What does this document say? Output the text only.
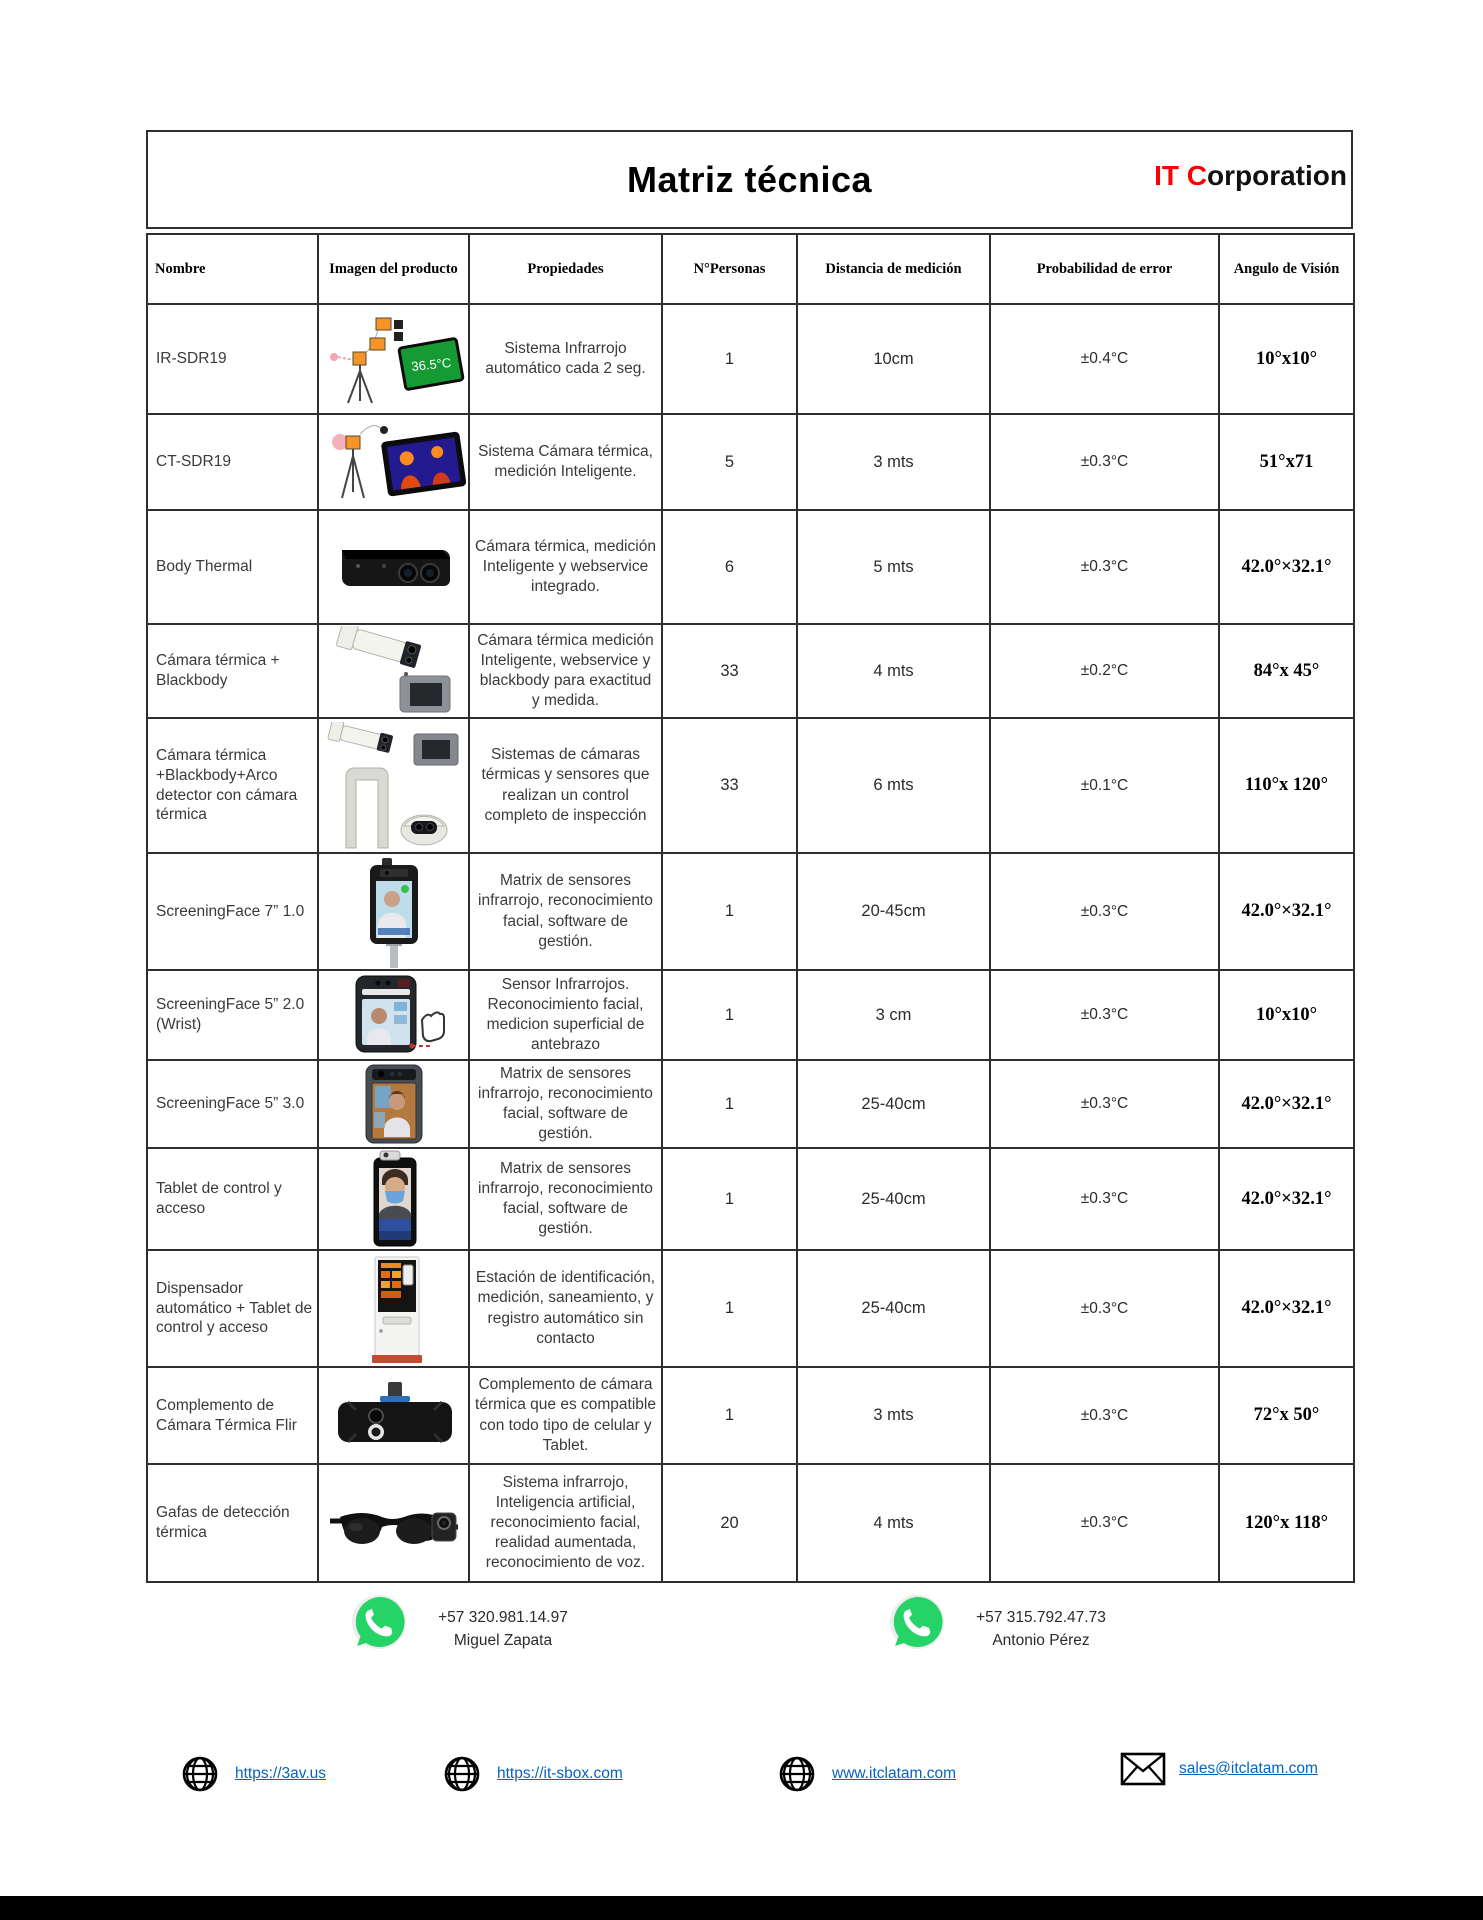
Matriz técnica	IT Corporation
Nombre	Imagen del producto	Propiedades	N°Personas	Distancia de medición	Probabilidad de error	Angulo de Visión
IR-SDR19	36.5°C	Sistema Infrarrojo automático cada 2 seg.	1	10cm	±0.4°C	10°x10°
CT-SDR19		Sistema Cámara térmica, medición Inteligente.	5	3 mts	±0.3°C	51°x71
Body Thermal		Cámara térmica, medición Inteligente y webservice integrado.	6	5 mts	±0.3°C	42.0°×32.1°
Cámara térmica + Blackbody		Cámara térmica medición Inteligente, webservice y blackbody para exactitud y medida.	33	4 mts	±0.2°C	84°x 45°
Cámara térmica +Blackbody+Arco detector con cámara térmica		Sistemas de cámaras térmicas y sensores que realizan un control completo de inspección	33	6 mts	±0.1°C	110°x 120°
ScreeningFace 7” 1.0		Matrix de sensores infrarrojo, reconocimiento facial, software de gestión.	1	20-45cm	±0.3°C	42.0°×32.1°
ScreeningFace 5” 2.0 (Wrist)		Sensor Infrarrojos. Reconocimiento facial, medicion superficial de antebrazo	1	3 cm	±0.3°C	10°x10°
ScreeningFace 5” 3.0		Matrix de sensores infrarrojo, reconocimiento facial, software de gestión.	1	25-40cm	±0.3°C	42.0°×32.1°
Tablet de control y acceso		Matrix de sensores infrarrojo, reconocimiento facial, software de gestión.	1	25-40cm	±0.3°C	42.0°×32.1°
Dispensador automático + Tablet de control y acceso		Estación de identificación, medición, saneamiento, y registro automático sin contacto	1	25-40cm	±0.3°C	42.0°×32.1°
Complemento de Cámara Térmica Flir		Complemento de cámara térmica que es compatible con todo tipo de celular y Tablet.	1	3 mts	±0.3°C	72°x 50°
Gafas de detección térmica		Sistema infrarrojo, Inteligencia artificial, reconocimiento facial, realidad aumentada, reconocimiento de voz.	20	4 mts	±0.3°C	120°x 118°
+57 320.981.14.97
Miguel Zapata
+57 315.792.47.73
Antonio Pérez
https://3av.us	https://it-sbox.com	www.itclatam.com	sales@itclatam.com
